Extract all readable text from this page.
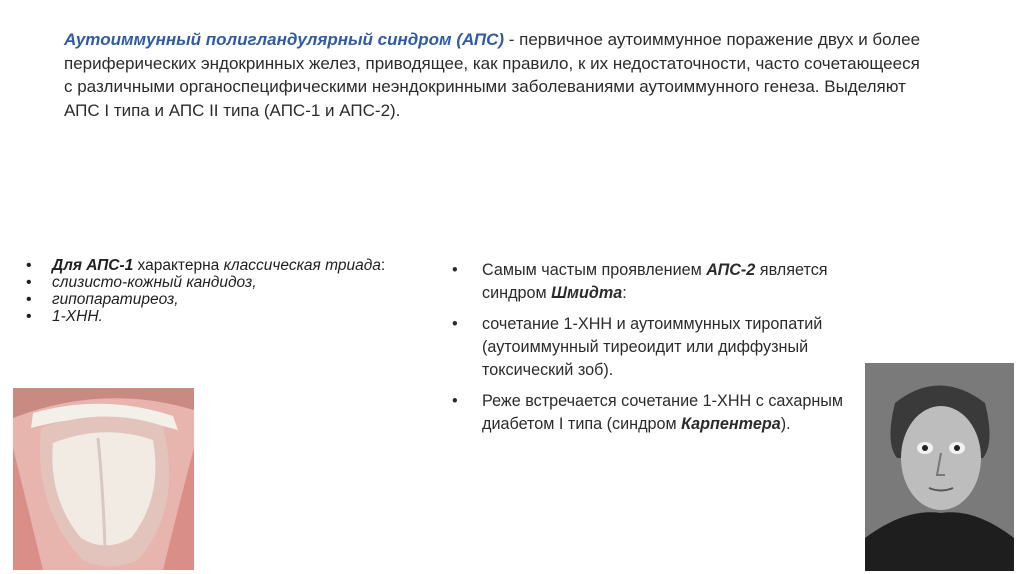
Аутоиммунный полигландулярный синдром (АПС) - первичное аутоиммунное поражение двух и более периферических эндокринных желез, приводящее, как правило, к их недостаточности, часто сочетающееся с различными органоспецифическими неэндокринными заболеваниями аутоиммунного генеза. Выделяют АПС I типа и АПС II типа (АПС-1 и АПС-2).
• Для АПС-1 характерна классическая триада:
• слизисто-кожный кандидоз,
• гипопаратиреоз,
• 1-ХНН.
• Самым частым проявлением АПС-2 является синдром Шмидта:
• сочетание 1-ХНН и аутоиммунных тиропатий (аутоиммунный тиреоидит или диффузный токсический зоб).
• Реже встречается сочетание 1-ХНН с сахарным диабетом I типа (синдром Карпентера).
